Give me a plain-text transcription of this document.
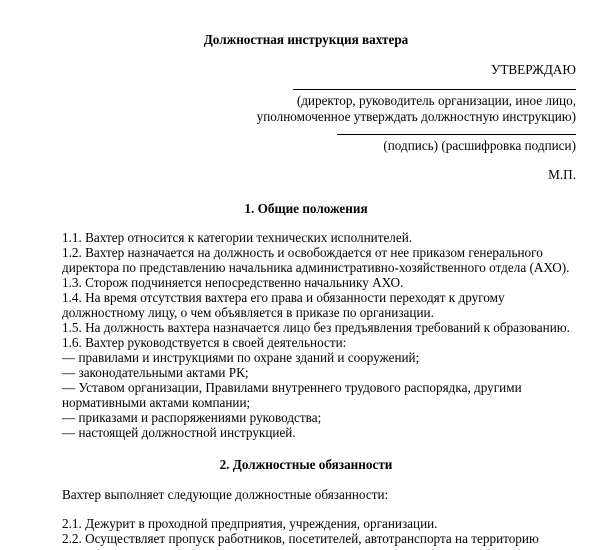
Должностная инструкция вахтера
УТВЕРЖДАЮ
(директор, руководитель организации, иное лицо,
уполномоченное утверждать должностную инструкцию)
(подпись) (расшифровка подписи)
М.П.
1. Общие положения
1.1. Вахтер относится к категории технических исполнителей.
1.2. Вахтер назначается на должность и освобождается от нее приказом генерального
директора по представлению начальника административно-хозяйственного отдела (АХО).
1.3. Сторож подчиняется непосредственно начальнику АХО.
1.4. На время отсутствия вахтера его права и обязанности переходят к другому
должностному лицу, о чем объявляется в приказе по организации.
1.5. На должность вахтера назначается лицо без предъявления требований к образованию.
1.6. Вахтер руководствуется в своей деятельности:
— правилами и инструкциями по охране зданий и сооружений;
— законодательными актами РК;
— Уставом организации, Правилами внутреннего трудового распорядка, другими
нормативными актами компании;
— приказами и распоряжениями руководства;
— настоящей должностной инструкцией.
2. Должностные обязанности
Вахтер выполняет следующие должностные обязанности:
2.1. Дежурит в проходной предприятия, учреждения, организации.
2.2. Осуществляет пропуск работников, посетителей, автотранспорта на территорию
